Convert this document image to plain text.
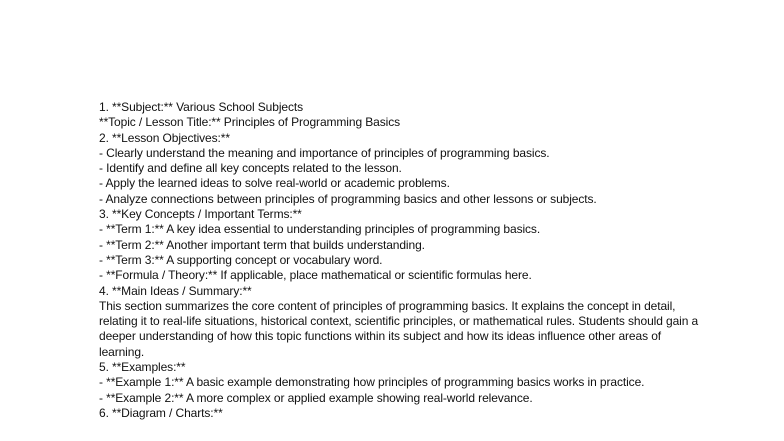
1. **Subject:** Various School Subjects
**Topic / Lesson Title:** Principles of Programming Basics
2. **Lesson Objectives:**
- Clearly understand the meaning and importance of principles of programming basics.
- Identify and define all key concepts related to the lesson.
- Apply the learned ideas to solve real-world or academic problems.
- Analyze connections between principles of programming basics and other lessons or subjects.
3. **Key Concepts / Important Terms:**
- **Term 1:** A key idea essential to understanding principles of programming basics.
- **Term 2:** Another important term that builds understanding.
- **Term 3:** A supporting concept or vocabulary word.
- **Formula / Theory:** If applicable, place mathematical or scientific formulas here.
4. **Main Ideas / Summary:**
This section summarizes the core content of principles of programming basics. It explains the concept in detail, relating it to real-life situations, historical context, scientific principles, or mathematical rules. Students should gain a deeper understanding of how this topic functions within its subject and how its ideas influence other areas of learning.
5. **Examples:**
- **Example 1:** A basic example demonstrating how principles of programming basics works in practice.
- **Example 2:** A more complex or applied example showing real-world relevance.
6. **Diagram / Charts:**
